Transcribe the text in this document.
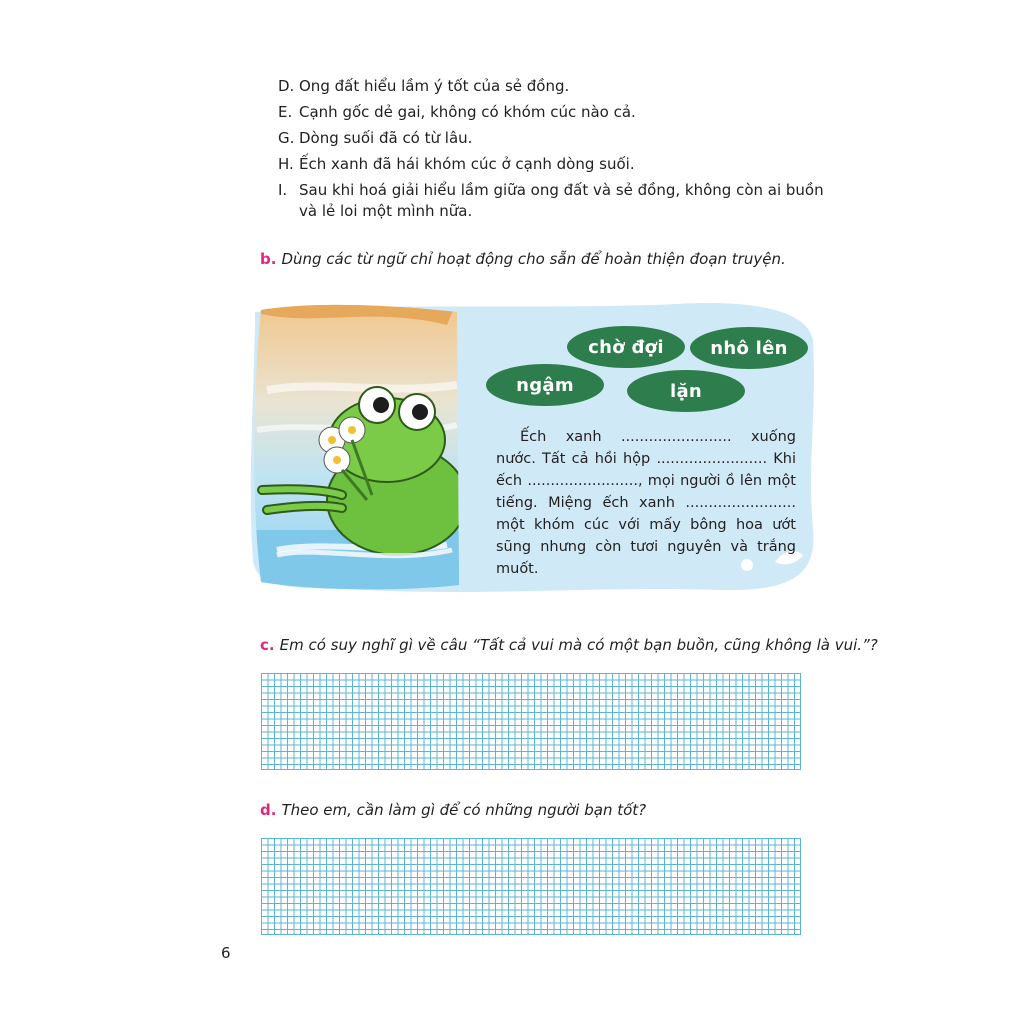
D. Ong đất hiểu lầm ý tốt của sẻ đồng.
E. Cạnh gốc dẻ gai, không có khóm cúc nào cả.
G. Dòng suối đã có từ lâu.
H. Ếch xanh đã hái khóm cúc ở cạnh dòng suối.
I. Sau khi hoá giải hiểu lầm giữa ong đất và sẻ đồng, không còn ai buồn và lẻ loi một mình nữa.
b. Dùng các từ ngữ chỉ hoạt động cho sẵn để hoàn thiện đoạn truyện.
chờ đợi	nhô lên
ngậm	lặn
Ếch xanh ........................ xuống nước. Tất cả hồi hộp ........................ Khi ếch ........................, mọi người ồ lên một tiếng. Miệng ếch xanh ........................ một khóm cúc với mấy bông hoa ướt sũng nhưng còn tươi nguyên và trắng muốt.
c. Em có suy nghĩ gì về câu “Tất cả vui mà có một bạn buồn, cũng không là vui.”?
d. Theo em, cần làm gì để có những người bạn tốt?
6
